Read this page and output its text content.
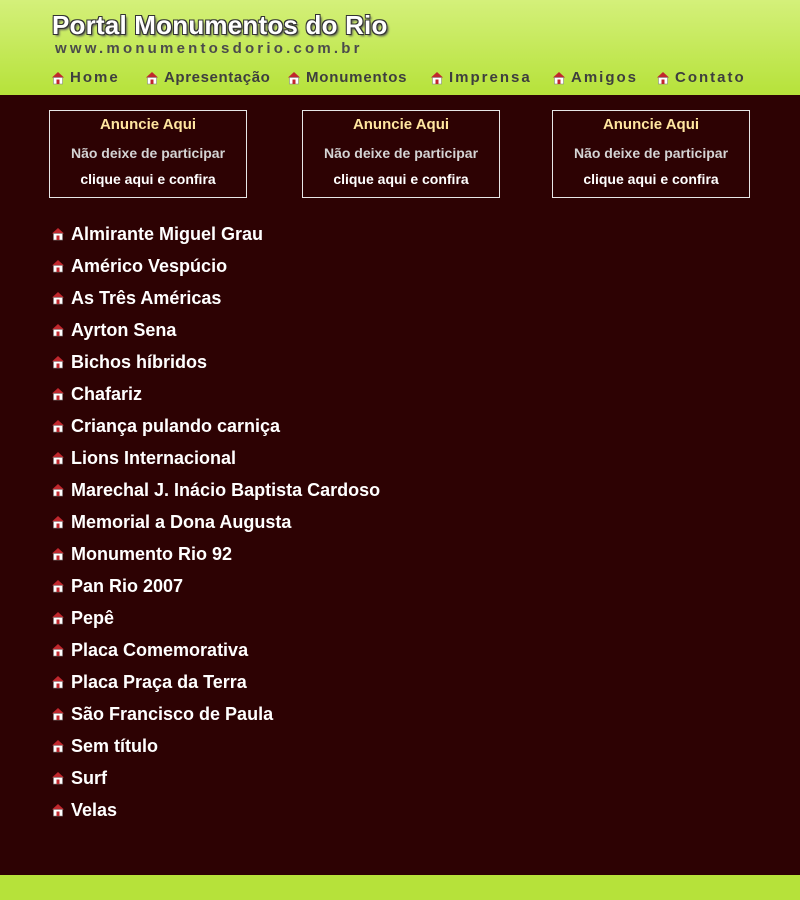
Portal Monumentos do Rio
www.monumentosdorio.com.br
Home	Apresentação Monumentos	Imprensa	Amigos Contato
Anuncie Aqui
Não deixe de participar
clique aqui e confira
Anuncie Aqui
Não deixe de participar
clique aqui e confira
Anuncie Aqui
Não deixe de participar
clique aqui e confira
Almirante Miguel Grau
Américo Vespúcio
As Três Américas
Ayrton Sena
Bichos híbridos
Chafariz
Criança pulando carniça
Lions Internacional
Marechal J. Inácio Baptista Cardoso
Memorial a Dona Augusta
Monumento Rio 92
Pan Rio 2007
Pepê
Placa Comemorativa
Placa Praça da Terra
São Francisco de Paula
Sem título
Surf
Velas
